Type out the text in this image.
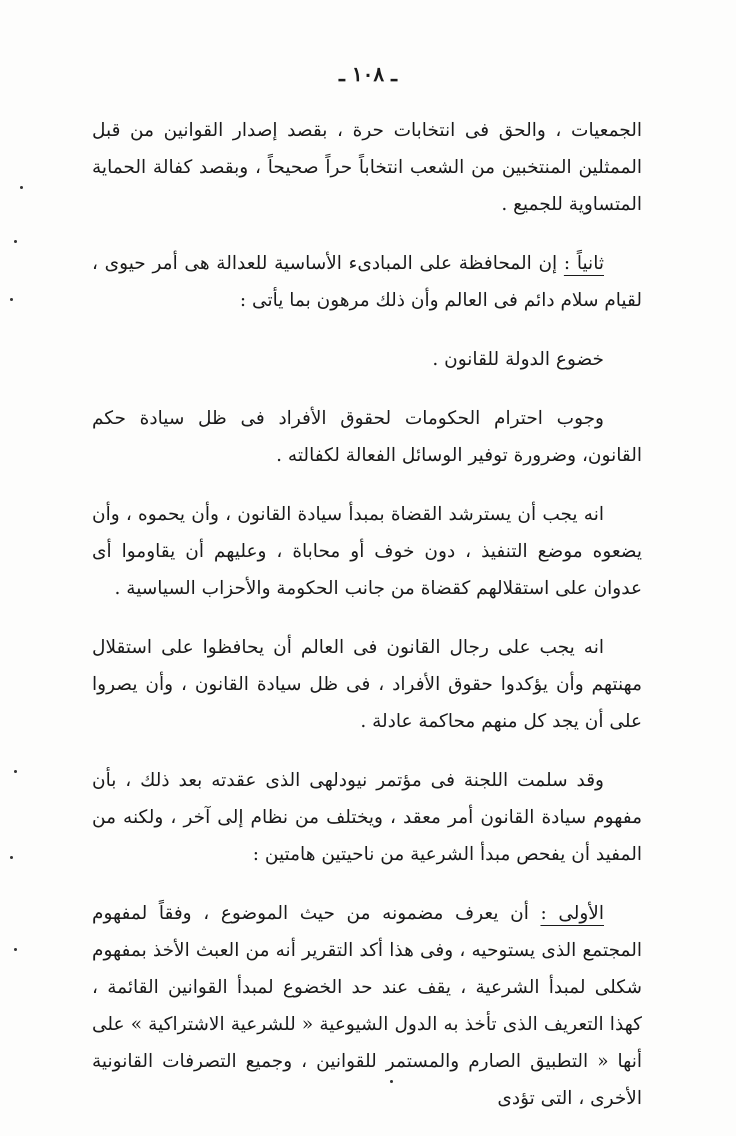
ـ ١٠٨ ـ

الجمعيات ، والحق فى انتخابات حرة ، بقصد إصدار القوانين من قبل الممثلين المنتخبين من الشعب انتخاباً حراً صحيحاً ، وبقصد كفالة الحماية المتساوية للجميع .

ثانياً : إن المحافظة على المبادىء الأساسية للعدالة هى أمر حيوى ، لقيام سلام دائم فى العالم وأن ذلك مرهون بما يأتى :

خضوع الدولة للقانون .

وجوب احترام الحكومات لحقوق الأفراد فى ظل سيادة حكم القانون، وضرورة توفير الوسائل الفعالة لكفالته .

انه يجب أن يسترشد القضاة بمبدأ سيادة القانون ، وأن يحموه ، وأن يضعوه موضع التنفيذ ، دون خوف أو محاباة ، وعليهم أن يقاوموا أى عدوان على استقلالهم كقضاة من جانب الحكومة والأحزاب السياسية .

انه يجب على رجال القانون فى العالم أن يحافظوا على استقلال مهنتهم وأن يؤكدوا حقوق الأفراد ، فى ظل سيادة القانون ، وأن يصروا على أن يجد كل منهم محاكمة عادلة .

وقد سلمت اللجنة فى مؤتمر نيودلهى الذى عقدته بعد ذلك ، بأن مفهوم سيادة القانون أمر معقد ، ويختلف من نظام إلى آخر ، ولكنه من المفيد أن يفحص مبدأ الشرعية من ناحيتين هامتين :

الأولى : أن يعرف مضمونه من حيث الموضوع ، وفقاً لمفهوم المجتمع الذى يستوحيه ، وفى هذا أكد التقرير أنه من العبث الأخذ بمفهوم شكلى لمبدأ الشرعية ، يقف عند حد الخضوع لمبدأ القوانين القائمة ، كهذا التعريف الذى تأخذ به الدول الشيوعية « للشرعية الاشتراكية » على أنها « التطبيق الصارم والمستمر للقوانين ، وجميع التصرفات القانونية الأخرى ، التى تؤدى
